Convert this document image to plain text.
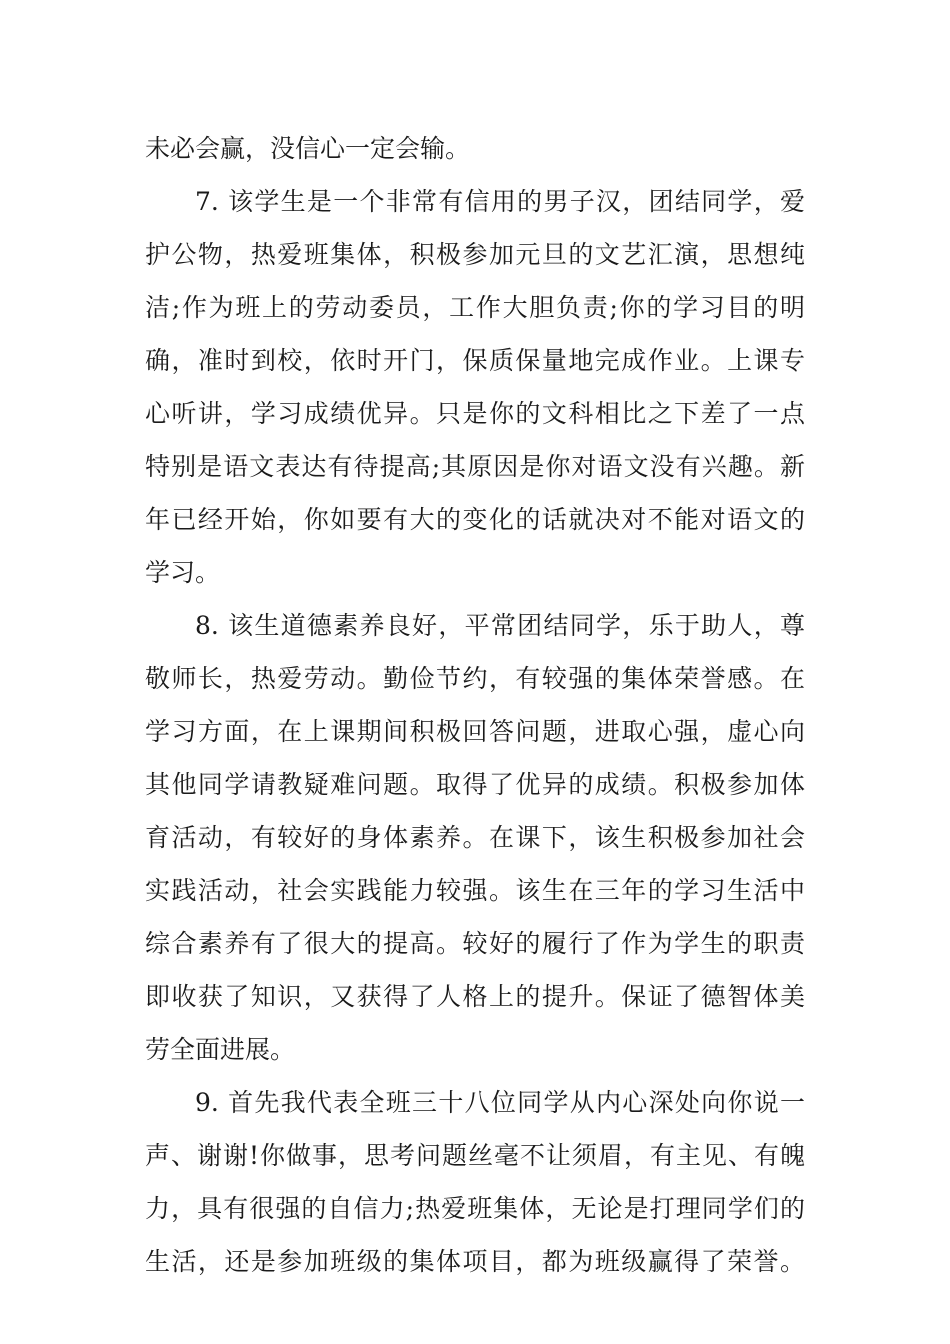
未必会赢，没信心一定会输。
7. 该学生是一个非常有信用的男子汉，团结同学，爱
护公物，热爱班集体，积极参加元旦的文艺汇演，思想纯
洁;作为班上的劳动委员，工作大胆负责;你的学习目的明
确，准时到校，依时开门，保质保量地完成作业。上课专
心听讲，学习成绩优异。只是你的文科相比之下差了一点
特别是语文表达有待提高;其原因是你对语文没有兴趣。新
年已经开始，你如要有大的变化的话就决对不能对语文的
学习。
8. 该生道德素养良好，平常团结同学，乐于助人，尊
敬师长，热爱劳动。勤俭节约，有较强的集体荣誉感。在
学习方面，在上课期间积极回答问题，进取心强，虚心向
其他同学请教疑难问题。取得了优异的成绩。积极参加体
育活动，有较好的身体素养。在课下，该生积极参加社会
实践活动，社会实践能力较强。该生在三年的学习生活中
综合素养有了很大的提高。较好的履行了作为学生的职责
即收获了知识，又获得了人格上的提升。保证了德智体美
劳全面进展。
9. 首先我代表全班三十八位同学从内心深处向你说一
声、谢谢!你做事，思考问题丝毫不让须眉，有主见、有魄
力，具有很强的自信力;热爱班集体，无论是打理同学们的
生活，还是参加班级的集体项目，都为班级赢得了荣誉。
